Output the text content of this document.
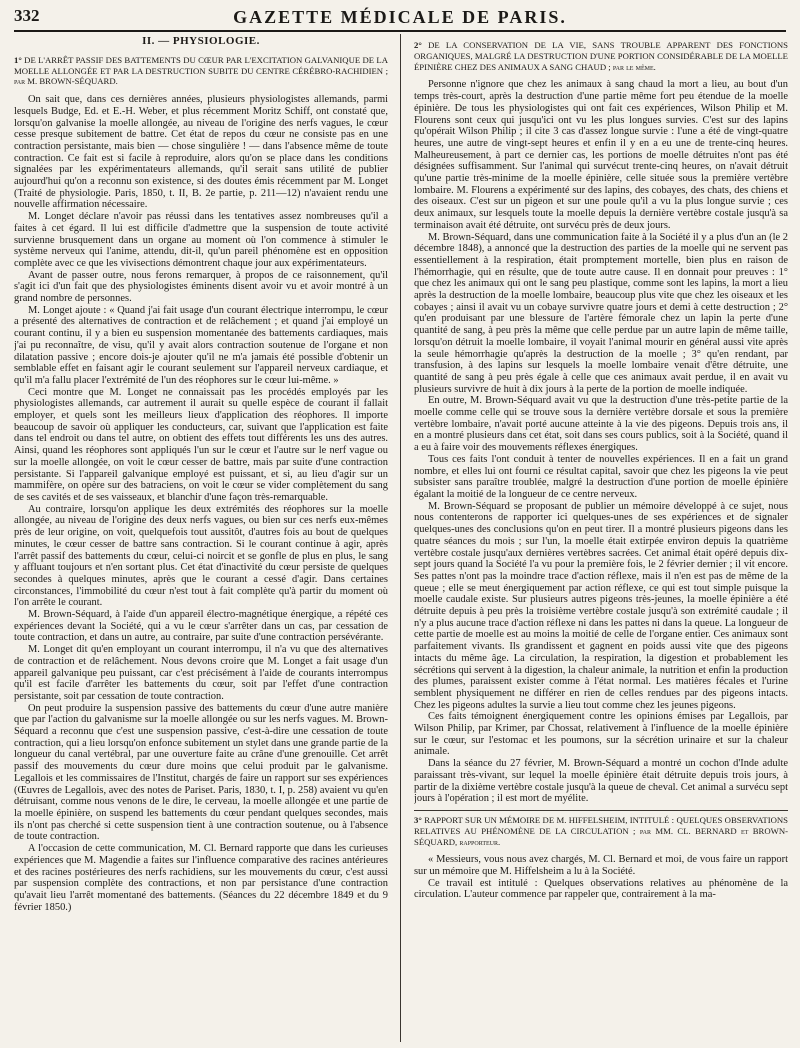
332	GAZETTE MÉDICALE DE PARIS.
II. — PHYSIOLOGIE.
1° DE L'ARRÊT PASSIF DES BATTEMENTS DU CŒUR PAR L'EXCITATION GALVANIQUE DE LA MOELLE ALLONGÉE ET PAR LA DESTRUCTION SUBITE DU CENTRE CÉRÉBRO-RACHIDIEN ; par M. BROWN-SÉQUARD.

On sait que, dans ces dernières années, plusieurs physiologistes allemands, parmi lesquels Budge, Ed. et E.-H. Weber, et plus récemment Moritz Schiff, ont constaté que, lorsqu'on galvanise la moelle allongée, au niveau de l'origine des nerfs vagues, le cœur cesse presque subitement de battre. Cet état de repos du cœur ne consiste pas en une contraction persistante, mais bien — chose singulière ! — dans l'absence même de toute contraction. Ce fait est si facile à reproduire, alors qu'on se place dans les conditions signalées par les expérimentateurs allemands, qu'il serait sans utilité de publier aujourd'hui qu'on a reconnu son existence, si des doutes émis récemment par M. Longet (Traité de physiologie. Paris, 1850, t. II, B. 2e partie, p. 211—12) n'avaient rendu une nouvelle affirmation nécessaire.

M. Longet déclare n'avoir pas réussi dans les tentatives assez nombreuses qu'il a faites à cet égard. Il lui est difficile d'admettre que la suspension de toute activité survienne brusquement dans un organe au moment où l'on commence à stimuler le système nerveux qui l'anime, attendu, dit-il, qu'un pareil phénomène est en opposition complète avec ce que les vivisections démontrent chaque jour aux expérimentateurs.

Avant de passer outre, nous ferons remarquer, à propos de ce raisonnement, qu'il s'agit ici d'un fait que des physiologistes éminents disent avoir vu et avoir montré à un grand nombre de personnes.

M. Longet ajoute : « Quand j'ai fait usage d'un courant électrique interrompu, le cœur a présenté des alternatives de contraction et de relâchement ; et quand j'ai employé un courant continu, il y a bien eu suspension momentanée des battements cardiaques, mais j'ai pu reconnaître, de visu, qu'il y avait alors contraction soutenue de l'organe et non dilatation passive ; encore dois-je ajouter qu'il ne m'a jamais été possible d'obtenir un semblable effet en faisant agir le courant seulement sur l'appareil nerveux cardiaque, et qu'il m'a fallu placer l'extrémité de l'un des réophores sur le cœur lui-même. »

Ceci montre que M. Longet ne connaissait pas les procédés employés par les physiologistes allemands, car autrement il aurait su quelle espèce de courant il fallait employer, et quels sont les meilleurs lieux d'application des réophores. Il importe beaucoup de savoir où appliquer les conducteurs, car, suivant que l'application est faite dans tel endroit ou dans tel autre, on obtient des effets tout différents les uns des autres. Ainsi, quand les réophores sont appliqués l'un sur le cœur et l'autre sur le nerf vague ou sur la moelle allongée, on voit le cœur cesser de battre, mais par suite d'une contraction persistante. Si l'appareil galvanique employé est puissant, et si, au lieu d'agir sur un mammifère, on opère sur des batraciens, on voit le cœur se vider complètement du sang de ses cavités et de ses vaisseaux, et blanchir d'une façon très-remarquable.

Au contraire, lorsqu'on applique les deux extrémités des réophores sur la moelle allongée, au niveau de l'origine des deux nerfs vagues, ou bien sur ces nerfs eux-mêmes près de leur origine, on voit, quelquefois tout aussitôt, d'autres fois au bout de quelques minutes, le cœur cesser de battre sans contraction. Si le courant continue à agir, après l'arrêt passif des battements du cœur, celui-ci noircit et se gonfle de plus en plus, le sang y affluant toujours et n'en sortant plus. Cet état d'inactivité du cœur persiste de quelques secondes à quelques minutes, après que le courant a cessé d'agir. Dans certaines circonstances, l'immobilité du cœur n'est tout à fait complète qu'à partir du moment où l'on arrête le courant.

M. Brown-Séquard, à l'aide d'un appareil électro-magnétique énergique, a répété ces expériences devant la Société, qui a vu le cœur s'arrêter dans un cas, par cessation de toute contraction, et dans un autre, au contraire, par suite d'une contraction persévérante.

M. Longet dit qu'en employant un courant interrompu, il n'a vu que des alternatives de contraction et de relâchement. Nous devons croire que M. Longet a fait usage d'un appareil galvanique peu puissant, car c'est précisément à l'aide de courants interrompus qu'il est facile d'arrêter les battements du cœur, soit par l'effet d'une contraction persistante, soit par cessation de toute contraction.

On peut produire la suspension passive des battements du cœur d'une autre manière que par l'action du galvanisme sur la moelle allongée ou sur les nerfs vagues. M. Brown-Séquard a reconnu que c'est une suspension passive, c'est-à-dire une cessation de toute contraction, qui a lieu lorsqu'on enfonce subitement un stylet dans une grande partie de la longueur du canal vertébral, par une ouverture faite au crâne d'une grenouille. Cet arrêt passif des mouvements du cœur dure moins que celui produit par le galvanisme. Legallois et les commissaires de l'Institut, chargés de faire un rapport sur ses expériences (Œuvres de Legallois, avec des notes de Pariset. Paris, 1830, t. I, p. 258) avaient vu qu'en détruisant, comme nous venons de le dire, le cerveau, la moelle allongée et une partie de la moelle épinière, on suspend les battements du cœur pendant quelques secondes, mais ils n'ont pas cherché si cette suspension tient à une contraction soutenue, ou à l'absence de toute contraction.

A l'occasion de cette communication, M. Cl. Bernard rapporte que dans les curieuses expériences que M. Magendie a faites sur l'influence comparative des racines antérieures et des racines postérieures des nerfs rachidiens, sur les mouvements du cœur, c'est aussi par suspension complète des contractions, et non par persistance d'une contraction qu'avait lieu l'arrêt momentané des battements. (Séances du 22 décembre 1849 et du 9 février 1850.)

2° DE LA CONSERVATION DE LA VIE, SANS TROUBLE APPARENT DES FONCTIONS ORGANIQUES, MALGRÉ LA DESTRUCTION D'UNE PORTION CONSIDÉRABLE DE LA MOELLE ÉPINIÈRE CHEZ DES ANIMAUX A SANG CHAUD ; par le même.

Personne n'ignore que chez les animaux à sang chaud la mort a lieu, au bout d'un temps très-court, après la destruction d'une partie même fort peu étendue de la moelle épinière. De tous les physiologistes qui ont fait ces expériences, Wilson Philip et M. Flourens sont ceux qui jusqu'ici ont vu les plus longues survies. C'est sur des lapins qu'opérait Wilson Philip ; il cite 3 cas d'assez longue survie : l'une a été de vingt-quatre heures, une autre de vingt-sept heures et enfin il y en a eu une de trente-cinq heures. Malheureusement, à part ce dernier cas, les portions de moelle détruites n'ont pas été désignées suffisamment. Sur l'animal qui survécut trente-cinq heures, on n'avait détruit qu'une partie très-minime de la moelle épinière, celle située sous la première vertèbre lombaire. M. Flourens a expérimenté sur des lapins, des cobayes, des chats, des chiens et des oiseaux. C'est sur un pigeon et sur une poule qu'il a vu la plus longue survie ; ces deux animaux, sur lesquels toute la moelle depuis la dernière vertèbre costale jusqu'à sa terminaison avait été détruite, ont survécu près de deux jours.

M. Brown-Séquard, dans une communication faite à la Société il y a plus d'un an (le 2 décembre 1848), a annoncé que la destruction des parties de la moelle qui ne servent pas essentiellement à la respiration, était promptement mortelle, bien plus en raison de l'hémorrhagie, qui en résulte, que de toute autre cause. Il en donnait pour preuves : 1° que chez les animaux qui ont le sang peu plastique, comme sont les lapins, la mort a lieu après la destruction de la moelle lombaire, beaucoup plus vite que chez les oiseaux et les cobayes ; ainsi il avait vu un cobaye survivre quatre jours et demi à cette destruction ; 2° qu'en produisant par une blessure de l'artère fémorale chez un lapin la perte d'une quantité de sang, à peu près la même que celle perdue par un autre lapin de même taille, lorsqu'on détruit la moelle lombaire, il voyait l'animal mourir en général aussi vite après la seule hémorrhagie qu'après la destruction de la moelle ; 3° qu'en rendant, par transfusion, à des lapins sur lesquels la moelle lombaire venait d'être détruite, une quantité de sang à peu près égale à celle que ces animaux avait perdue, il en avait vu plusieurs survivre de huit à dix jours à la perte de la portion de moelle indiquée.

En outre, M. Brown-Séquard avait vu que la destruction d'une très-petite partie de la moelle comme celle qui se trouve sous la dernière vertèbre dorsale et sous la première vertèbre lombaire, n'avait porté aucune atteinte à la vie des pigeons. Depuis trois ans, il en a montré plusieurs dans cet état, soit dans ses cours publics, soit à la Société, quand il a eu à faire voir des mouvements réflexes énergiques.

Tous ces faits l'ont conduit à tenter de nouvelles expériences. Il en a fait un grand nombre, et elles lui ont fourni ce résultat capital, savoir que chez les pigeons la vie peut subsister sans paraître troublée, malgré la destruction d'une portion de moelle épinière égalant la moitié de la longueur de ce centre nerveux.

M. Brown-Séquard se proposant de publier un mémoire développé à ce sujet, nous nous contenterons de rapporter ici quelques-unes de ses expériences et de signaler quelques-unes des conclusions qu'on en peut tirer. Il a montré plusieurs pigeons dans les quatre séances du mois ; sur l'un, la moelle était extirpée environ depuis la quatrième vertèbre costale jusqu'aux dernières vertèbres sacrées. Cet animal était opéré depuis dix-sept jours quand la Société l'a vu pour la première fois, le 2 février dernier ; il vit encore. Ses pattes n'ont pas la moindre trace d'action réflexe, mais il n'en est pas de même de la queue ; elle se meut énergiquement par action réflexe, ce qui est tout simple puisque la moelle caudale existe. Sur plusieurs autres pigeons très-jeunes, la moelle épinière a été détruite depuis à peu près la troisième vertèbre costale jusqu'à son extrémité caudale ; il n'y a plus aucune trace d'action réflexe ni dans les pattes ni dans la queue. La longueur de cette partie de moelle est au moins la moitié de celle de l'organe entier. Ces animaux sont parfaitement vivants. Ils grandissent et gagnent en poids aussi vite que des pigeons intacts du même âge. La circulation, la respiration, la digestion et probablement les sécrétions qui servent à la digestion, la chaleur animale, la nutrition et enfin la production des plumes, paraissent exister comme à l'état normal. Les matières fécales et l'urine semblent physiquement ne différer en rien de celles rendues par des pigeons intacts. Chez les pigeons adultes la survie a lieu tout comme chez les jeunes pigeons.

Ces faits témoignent énergiquement contre les opinions émises par Legallois, par Wilson Philip, par Krimer, par Chossat, relativement à l'influence de la moelle épinière sur le cœur, sur l'estomac et les poumons, sur la sécrétion urinaire et sur la chaleur animale.

Dans la séance du 27 février, M. Brown-Séquard a montré un cochon d'Inde adulte paraissant très-vivant, sur lequel la moelle épinière était détruite depuis trois jours, à partir de la dixième vertèbre costale jusqu'à la queue de cheval. Cet animal a survécu sept jours à l'opération ; il est mort de myélite.

3° RAPPORT SUR UN MÉMOIRE DE M. HIFFELSHEIM, INTITULÉ : QUELQUES OBSERVATIONS RELATIVES AU PHÉNOMÈNE DE LA CIRCULATION ; par MM. CL. BERNARD et BROWN-SÉQUARD, rapporteur.

« Messieurs, vous nous avez chargés, M. Cl. Bernard et moi, de vous faire un rapport sur un mémoire que M. Hiffelsheim a lu à la Société.

Ce travail est intitulé : Quelques observations relatives au phénomène de la circulation. L'auteur commence par rappeler que, contrairement à la ma-
